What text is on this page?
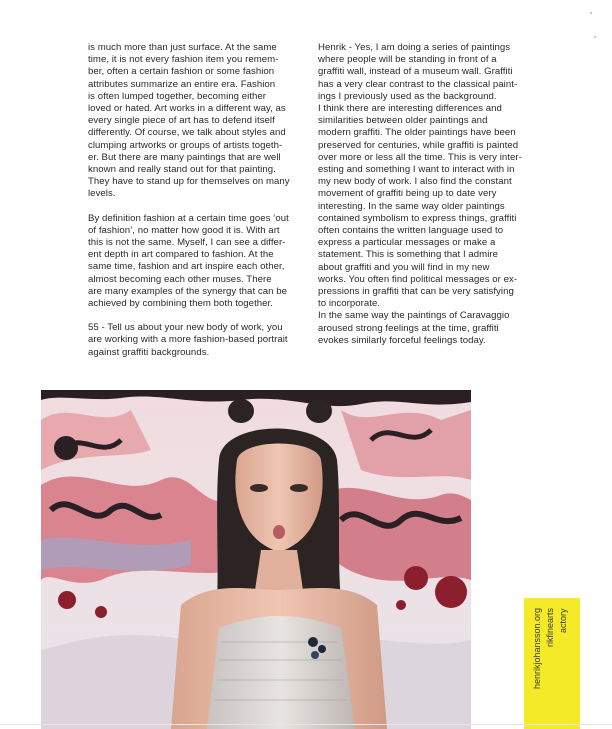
is much more than just surface. At the same
time, it is not every fashion item you remem-
ber, often a certain fashion or some fashion
attributes summarize an entire era. Fashion
is often lumped together, becoming either
loved or hated. Art works in a different way, as
every single piece of art has to defend itself
differently. Of course, we talk about styles and
clumping artworks or groups of artists togeth-
er. But there are many paintings that are well
known and really stand out for that painting.
They have to stand up for themselves on many
levels.

By definition fashion at a certain time goes ‘out
of fashion’, no matter how good it is. With art
this is not the same. Myself, I can see a differ-
ent depth in art compared to fashion. At the
same time, fashion and art inspire each other,
almost becoming each other muses. There
are many examples of the synergy that can be
achieved by combining them both together.

55 - Tell us about your new body of work, you
are working with a more fashion-based portrait
against graffiti backgrounds.

Henrik - Yes, I am doing a series of paintings
where people will be standing in front of a
graffiti wall, instead of a museum wall. Graffiti
has a very clear contrast to the classical paint-
ings I previously used as the background.
I think there are interesting differences and
similarities between older paintings and
modern graffiti. The older paintings have been
preserved for centuries, while graffiti is painted
over more or less all the time. This is very inter-
esting and something I want to interact with in
my new body of work. I also find the constant
movement of graffiti being up to date very
interesting. In the same way older paintings
contained symbolism to express things, graffiti
often contains the written language used to
express a particular messages or make a
statement. This is something that I admire
about graffiti and you will find in my new
works. You often find political messages or ex-
pressions in graffiti that can be very satisfying
to incorporate.
In the same way the paintings of Caravaggio
aroused strong feelings at the time, graffiti
evokes similarly forceful feelings today.

henrikjohansson.org rikfinearts actory
